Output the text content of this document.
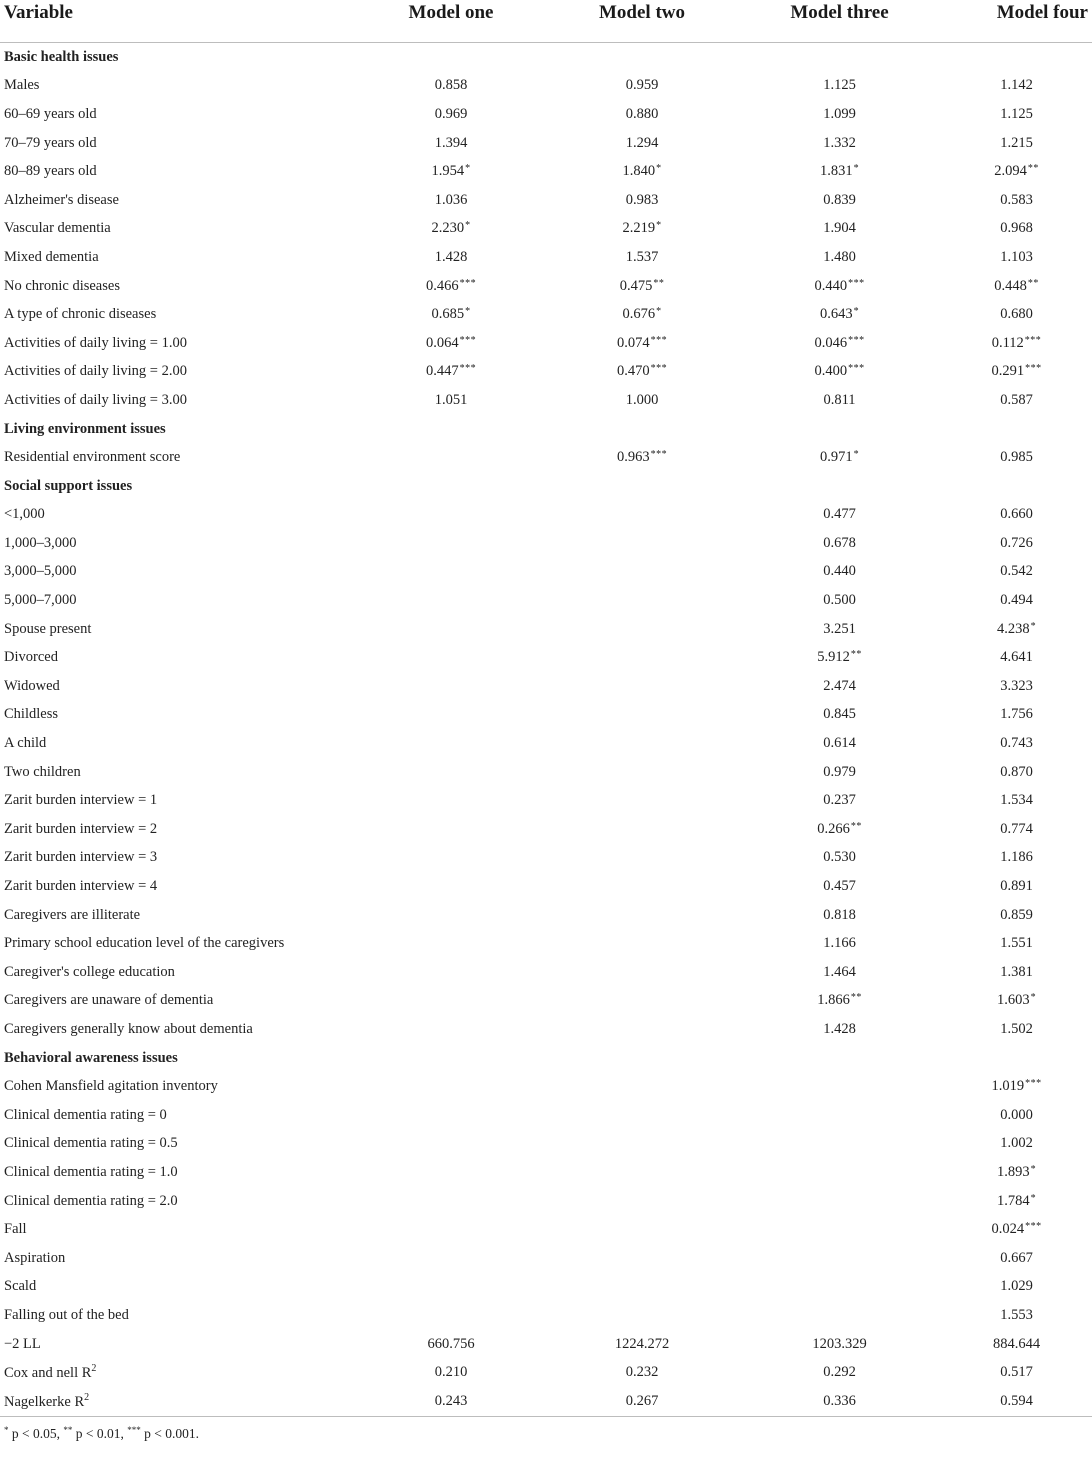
Variable	Model one	Model two	Model three	Model four
Basic health issues				
Males	0.858	0.959	1.125	1.142
60–69 years old	0.969	0.880	1.099	1.125
70–79 years old	1.394	1.294	1.332	1.215
80–89 years old	1.954*	1.840*	1.831*	2.094**
Alzheimer's disease	1.036	0.983	0.839	0.583
Vascular dementia	2.230*	2.219*	1.904	0.968
Mixed dementia	1.428	1.537	1.480	1.103
No chronic diseases	0.466***	0.475**	0.440***	0.448**
A type of chronic diseases	0.685*	0.676*	0.643*	0.680
Activities of daily living = 1.00	0.064***	0.074***	0.046***	0.112***
Activities of daily living = 2.00	0.447***	0.470***	0.400***	0.291***
Activities of daily living = 3.00	1.051	1.000	0.811	0.587
Living environment issues				
Residential environment score		0.963***	0.971*	0.985
Social support issues				
<1,000			0.477	0.660
1,000–3,000			0.678	0.726
3,000–5,000			0.440	0.542
5,000–7,000			0.500	0.494
Spouse present			3.251	4.238*
Divorced			5.912**	4.641
Widowed			2.474	3.323
Childless			0.845	1.756
A child			0.614	0.743
Two children			0.979	0.870
Zarit burden interview = 1			0.237	1.534
Zarit burden interview = 2			0.266**	0.774
Zarit burden interview = 3			0.530	1.186
Zarit burden interview = 4			0.457	0.891
Caregivers are illiterate			0.818	0.859
Primary school education level of the caregivers			1.166	1.551
Caregiver's college education			1.464	1.381
Caregivers are unaware of dementia			1.866**	1.603*
Caregivers generally know about dementia			1.428	1.502
Behavioral awareness issues				
Cohen Mansfield agitation inventory				1.019***
Clinical dementia rating = 0				0.000
Clinical dementia rating = 0.5				1.002
Clinical dementia rating = 1.0				1.893*
Clinical dementia rating = 2.0				1.784*
Fall				0.024***
Aspiration				0.667
Scald				1.029
Falling out of the bed				1.553
−2 LL	660.756	1224.272	1203.329	884.644
Cox and nell $R^2$	0.210	0.232	0.292	0.517
Nagelkerke $R^2$	0.243	0.267	0.336	0.594
* p < 0.05, ** p < 0.01, *** p < 0.001.
